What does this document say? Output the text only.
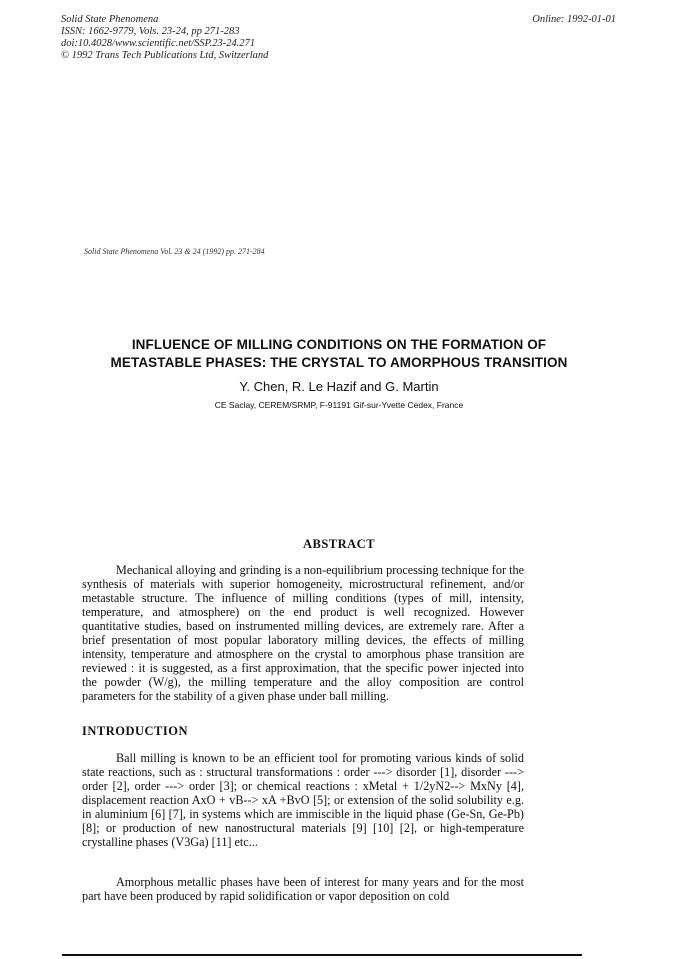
Solid State Phenomena
ISSN: 1662-9779, Vols. 23-24, pp 271-283
doi:10.4028/www.scientific.net/SSP.23-24.271
© 1992 Trans Tech Publications Ltd, Switzerland
Online: 1992-01-01
Solid State Phenomena Vol. 23 & 24 (1992) pp. 271-284
INFLUENCE OF MILLING CONDITIONS ON THE FORMATION OF
METASTABLE PHASES: THE CRYSTAL TO AMORPHOUS TRANSITION
Y. Chen, R. Le Hazif and G. Martin
CE Saclay, CEREM/SRMP, F-91191 Gif-sur-Yvette Cedex, France
ABSTRACT
Mechanical alloying and grinding is a non-equilibrium processing technique for the synthesis of materials with superior homogeneity, microstructural refinement, and/or metastable structure. The influence of milling conditions (types of mill, intensity, temperature, and atmosphere) on the end product is well recognized. However quantitative studies, based on instrumented milling devices, are extremely rare. After a brief presentation of most popular laboratory milling devices, the effects of milling intensity, temperature and atmosphere on the crystal to amorphous phase transition are reviewed : it is suggested, as a first approximation, that the specific power injected into the powder (W/g), the milling temperature and the alloy composition are control parameters for the stability of a given phase under ball milling.
INTRODUCTION
Ball milling is known to be an efficient tool for promoting various kinds of solid state reactions, such as : structural transformations : order ---> disorder [1], disorder ---> order [2], order ---> order [3]; or chemical reactions : xMetal + 1/2yN2--> MxNy [4], displacement reaction AxO + vB--> xA +BvO [5]; or extension of the solid solubility e.g. in aluminium [6] [7], in systems which are immiscible in the liquid phase (Ge-Sn, Ge-Pb) [8]; or production of new nanostructural materials [9] [10] [2], or high-temperature crystalline phases (V3Ga) [11] etc...
Amorphous metallic phases have been of interest for many years and for the most part have been produced by rapid solidification or vapor deposition on cold
